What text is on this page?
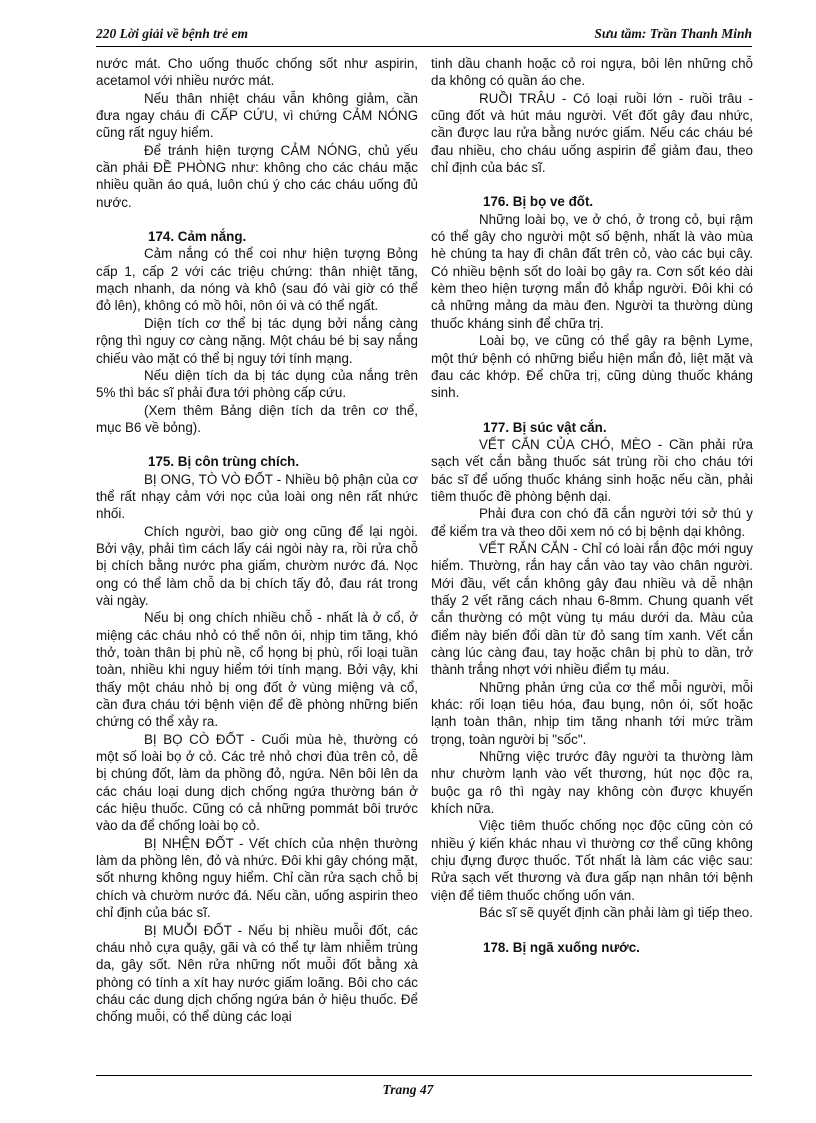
220 Lời giải về bệnh trẻ em	Sưu tầm: Trần Thanh Minh

nước mát. Cho uống thuốc chống sốt như aspirin, acetamol với nhiều nước mát.

Nếu thân nhiệt cháu vẫn không giảm, cần đưa ngay cháu đi CẤP CỨU, vì chứng CẢM NÓNG cũng rất nguy hiểm.

Để tránh hiện tượng CẢM NÓNG, chủ yếu cần phải ĐỀ PHÒNG như: không cho các cháu mặc nhiều quần áo quá, luôn chú ý cho các cháu uống đủ nước.

174. Cảm nắng.

Cảm nắng có thể coi như hiện tượng Bỏng cấp 1, cấp 2 với các triệu chứng: thân nhiệt tăng, mạch nhanh, da nóng và khô (sau đó vài giờ có thể đỏ lên), không có mồ hôi, nôn ói và có thể ngất.

Diện tích cơ thể bị tác dụng bởi nắng càng rộng thì nguy cơ càng nặng. Một cháu bé bị say nắng chiếu vào mặt có thể bị nguy tới tính mạng.

Nếu diện tích da bị tác dụng của nắng trên 5% thì bác sĩ phải đưa tới phòng cấp cứu.

(Xem thêm Bảng diện tích da trên cơ thể, mục B6 về bỏng).

175. Bị côn trùng chích.

BỊ ONG, TÒ VÒ ĐỐT - Nhiều bộ phận của cơ thể rất nhạy cảm với nọc của loài ong nên rất nhức nhối.

Chích người, bao giờ ong cũng để lại ngòi. Bởi vậy, phải tìm cách lấy cái ngòi này ra, rồi rửa chỗ bị chích bằng nước pha giấm, chườm nước đá. Nọc ong có thể làm chỗ da bị chích tấy đỏ, đau rát trong vài ngày.

Nếu bị ong chích nhiều chỗ - nhất là ở cổ, ở miệng các cháu nhỏ có thể nôn ói, nhịp tim tăng, khó thở, toàn thân bị phù nề, cổ họng bị phù, rối loại tuần toàn, nhiều khi nguy hiểm tới tính mạng. Bởi vậy, khi thấy một cháu nhỏ bị ong đốt ở vùng miệng và cổ, cần đưa cháu tới bệnh viện để đề phòng những biến chứng có thể xảy ra.

BỊ BỌ CÒ ĐỐT - Cuối mùa hè, thường có một số loài bọ ở cỏ. Các trẻ nhỏ chơi đùa trên cỏ, dễ bị chúng đốt, làm da phồng đỏ, ngứa. Nên bôi lên da các cháu loại dung dịch chống ngứa thường bán ở các hiệu thuốc. Cũng có cả những pommát bôi trước vào da để chống loài bọ cỏ.

BỊ NHỆN ĐỐT - Vết chích của nhện thường làm da phồng lên, đỏ và nhức. Đôi khi gây chóng mặt, sốt nhưng không nguy hiểm. Chỉ cần rửa sạch chỗ bị chích và chườm nước đá. Nếu cần, uống aspirin theo chỉ định của bác sĩ.

BỊ MUỖI ĐỐT - Nếu bị nhiều muỗi đốt, các cháu nhỏ cựa quậy, gãi và có thể tự làm nhiễm trùng da, gây sốt. Nên rửa những nốt muỗi đốt bằng xà phòng có tính a xít hay nước giấm loãng. Bôi cho các cháu các dung dịch chống ngứa bán ở hiệu thuốc. Để chống muỗi, có thể dùng các loại

tinh dầu chanh hoặc cỏ roi ngựa, bôi lên những chỗ da không có quần áo che.

RUỒI TRÂU - Có loại ruồi lớn - ruồi trâu - cũng đốt và hút máu người. Vết đốt gây đau nhức, cần được lau rửa bằng nước giấm. Nếu các cháu bé đau nhiều, cho cháu uống aspirin để giảm đau, theo chỉ định của bác sĩ.

176. Bị bọ ve đốt.

Những loài bọ, ve ở chó, ở trong cỏ, bụi rậm có thể gây cho người một số bệnh, nhất là vào mùa hè chúng ta hay đi chân đất trên cỏ, vào các bụi cây. Có nhiều bệnh sốt do loài bọ gây ra. Cơn sốt kéo dài kèm theo hiện tượng mẩn đỏ khắp người. Đôi khi có cả những mảng da màu đen. Người ta thường dùng thuốc kháng sinh để chữa trị.

Loài bọ, ve cũng có thể gây ra bệnh Lyme, một thứ bệnh có những biểu hiện mẩn đỏ, liệt mặt và đau các khớp. Để chữa trị, cũng dùng thuốc kháng sinh.

177. Bị súc vật cắn.

VẾT CẮN CỦA CHÓ, MÈO - Cần phải rửa sạch vết cắn bằng thuốc sát trùng rồi cho cháu tới bác sĩ để uống thuốc kháng sinh hoặc nếu cần, phải tiêm thuốc đề phòng bệnh dại.

Phải đưa con chó đã cắn người tới sở thú y để kiểm tra và theo dõi xem nó có bị bệnh dại không.

VẾT RẮN CẮN - Chỉ có loài rắn độc mới nguy hiểm. Thường, rắn hay cắn vào tay vào chân người. Mới đầu, vết cắn không gây đau nhiều và dễ nhận thấy 2 vết răng cách nhau 6-8mm. Chung quanh vết cắn thường có một vùng tụ máu dưới da. Màu của điểm này biến đổi dần từ đỏ sang tím xanh. Vết cắn càng lúc càng đau, tay hoặc chân bị phù to dần, trở thành trắng nhợt với nhiều điểm tụ máu.

Những phản ứng của cơ thể mỗi người, mỗi khác: rối loạn tiêu hóa, đau bụng, nôn ói, sốt hoặc lạnh toàn thân, nhịp tim tăng nhanh tới mức trầm trọng, toàn người bị "sốc".

Những việc trước đây người ta thường làm như chườm lạnh vào vết thương, hút nọc độc ra, buộc ga rô thì ngày nay không còn được khuyến khích nữa.

Việc tiêm thuốc chống nọc độc cũng còn có nhiều ý kiến khác nhau vì thường cơ thể cũng không chịu đựng được thuốc. Tốt nhất là làm các việc sau: Rửa sạch vết thương và đưa gấp nạn nhân tới bệnh viện để tiêm thuốc chống uốn ván.

Bác sĩ sẽ quyết định cần phải làm gì tiếp theo.

178. Bị ngã xuống nước.
Trang 47
